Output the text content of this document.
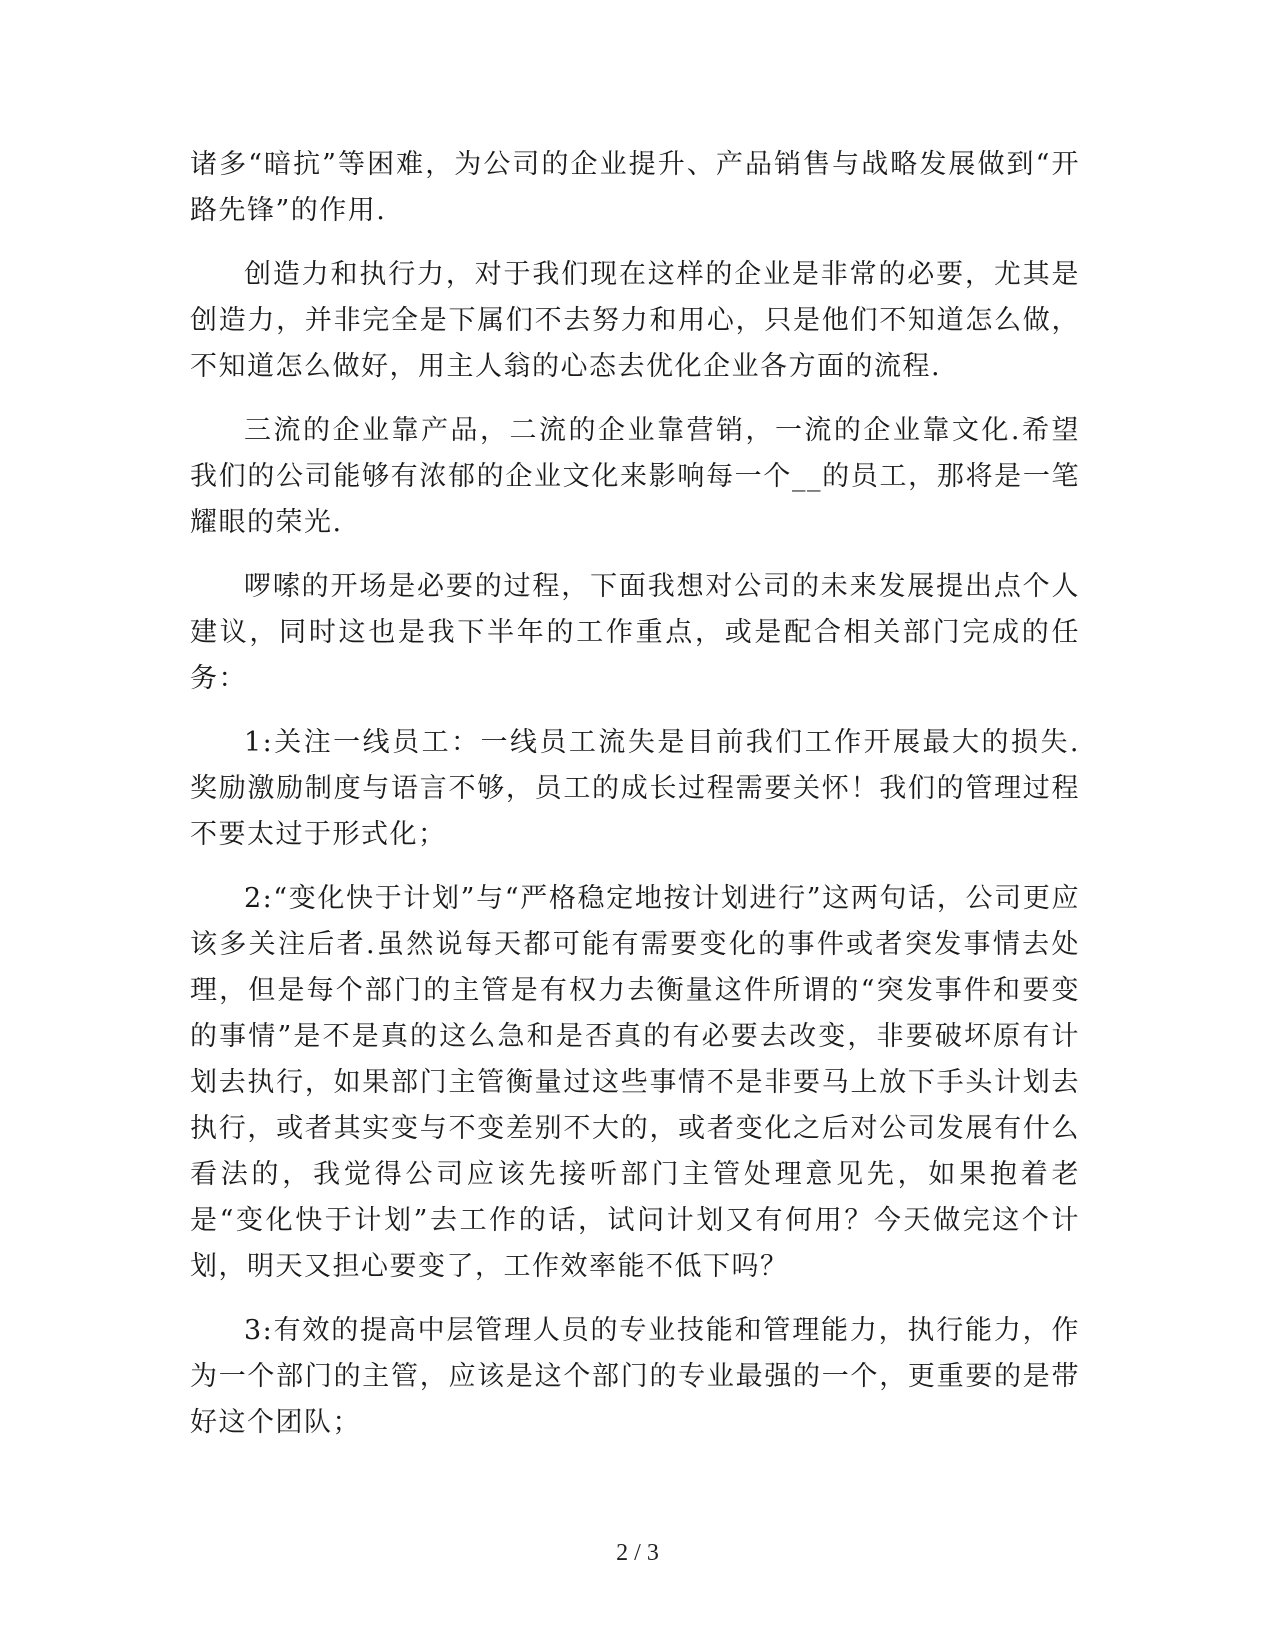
诸多“暗抗”等困难，为公司的企业提升、产品销售与战略发展做到“开路先锋”的作用.

创造力和执行力，对于我们现在这样的企业是非常的必要，尤其是创造力，并非完全是下属们不去努力和用心，只是他们不知道怎么做，不知道怎么做好，用主人翁的心态去优化企业各方面的流程.

三流的企业靠产品，二流的企业靠营销，一流的企业靠文化.希望我们的公司能够有浓郁的企业文化来影响每一个__的员工，那将是一笔耀眼的荣光.

啰嗦的开场是必要的过程，下面我想对公司的未来发展提出点个人建议，同时这也是我下半年的工作重点，或是配合相关部门完成的任务：

1:关注一线员工：一线员工流失是目前我们工作开展最大的损失.奖励激励制度与语言不够，员工的成长过程需要关怀！我们的管理过程不要太过于形式化；

2:“变化快于计划”与“严格稳定地按计划进行”这两句话，公司更应该多关注后者.虽然说每天都可能有需要变化的事件或者突发事情去处理，但是每个部门的主管是有权力去衡量这件所谓的“突发事件和要变的事情”是不是真的这么急和是否真的有必要去改变，非要破坏原有计划去执行，如果部门主管衡量过这些事情不是非要马上放下手头计划去执行，或者其实变与不变差别不大的，或者变化之后对公司发展有什么看法的，我觉得公司应该先接听部门主管处理意见先，如果抱着老是“变化快于计划”去工作的话，试问计划又有何用？今天做完这个计划，明天又担心要变了，工作效率能不低下吗？

3:有效的提高中层管理人员的专业技能和管理能力，执行能力，作为一个部门的主管，应该是这个部门的专业最强的一个，更重要的是带好这个团队；

2 / 3
